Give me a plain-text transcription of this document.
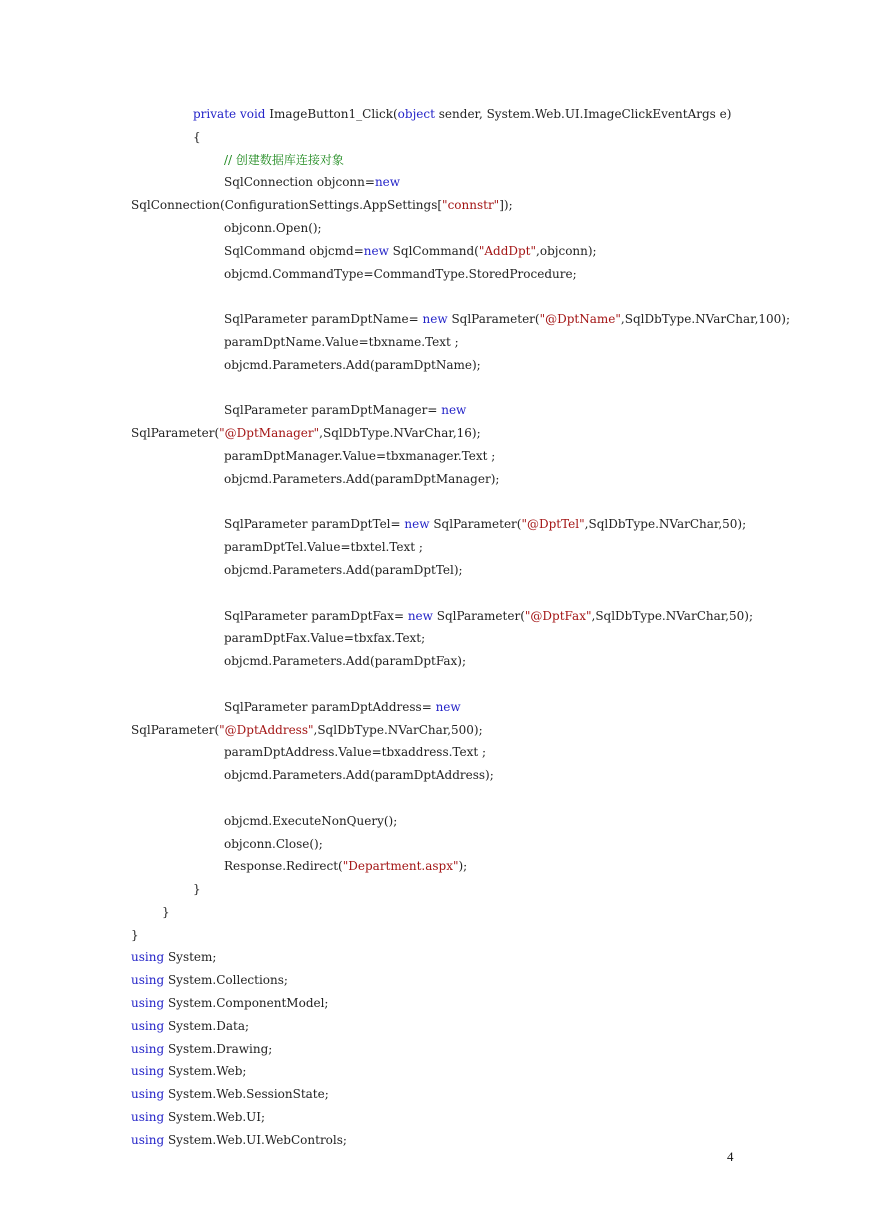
private void ImageButton1_Click(object sender, System.Web.UI.ImageClickEventArgs e)
{
// 创建数据库连接对象
SqlConnection objconn=new
SqlConnection(ConfigurationSettings.AppSettings["connstr"]);
objconn.Open();
SqlCommand objcmd=new SqlCommand("AddDpt",objconn);
objcmd.CommandType=CommandType.StoredProcedure;
SqlParameter paramDptName= new SqlParameter("@DptName",SqlDbType.NVarChar,100);
paramDptName.Value=tbxname.Text ;
objcmd.Parameters.Add(paramDptName);
SqlParameter paramDptManager= new
SqlParameter("@DptManager",SqlDbType.NVarChar,16);
paramDptManager.Value=tbxmanager.Text ;
objcmd.Parameters.Add(paramDptManager);
SqlParameter paramDptTel= new SqlParameter("@DptTel",SqlDbType.NVarChar,50);
paramDptTel.Value=tbxtel.Text ;
objcmd.Parameters.Add(paramDptTel);
SqlParameter paramDptFax= new SqlParameter("@DptFax",SqlDbType.NVarChar,50);
paramDptFax.Value=tbxfax.Text;
objcmd.Parameters.Add(paramDptFax);
SqlParameter paramDptAddress= new
SqlParameter("@DptAddress",SqlDbType.NVarChar,500);
paramDptAddress.Value=tbxaddress.Text ;
objcmd.Parameters.Add(paramDptAddress);
objcmd.ExecuteNonQuery();
objconn.Close();
Response.Redirect("Department.aspx");
}
}
}
using System;
using System.Collections;
using System.ComponentModel;
using System.Data;
using System.Drawing;
using System.Web;
using System.Web.SessionState;
using System.Web.UI;
using System.Web.UI.WebControls;
4
